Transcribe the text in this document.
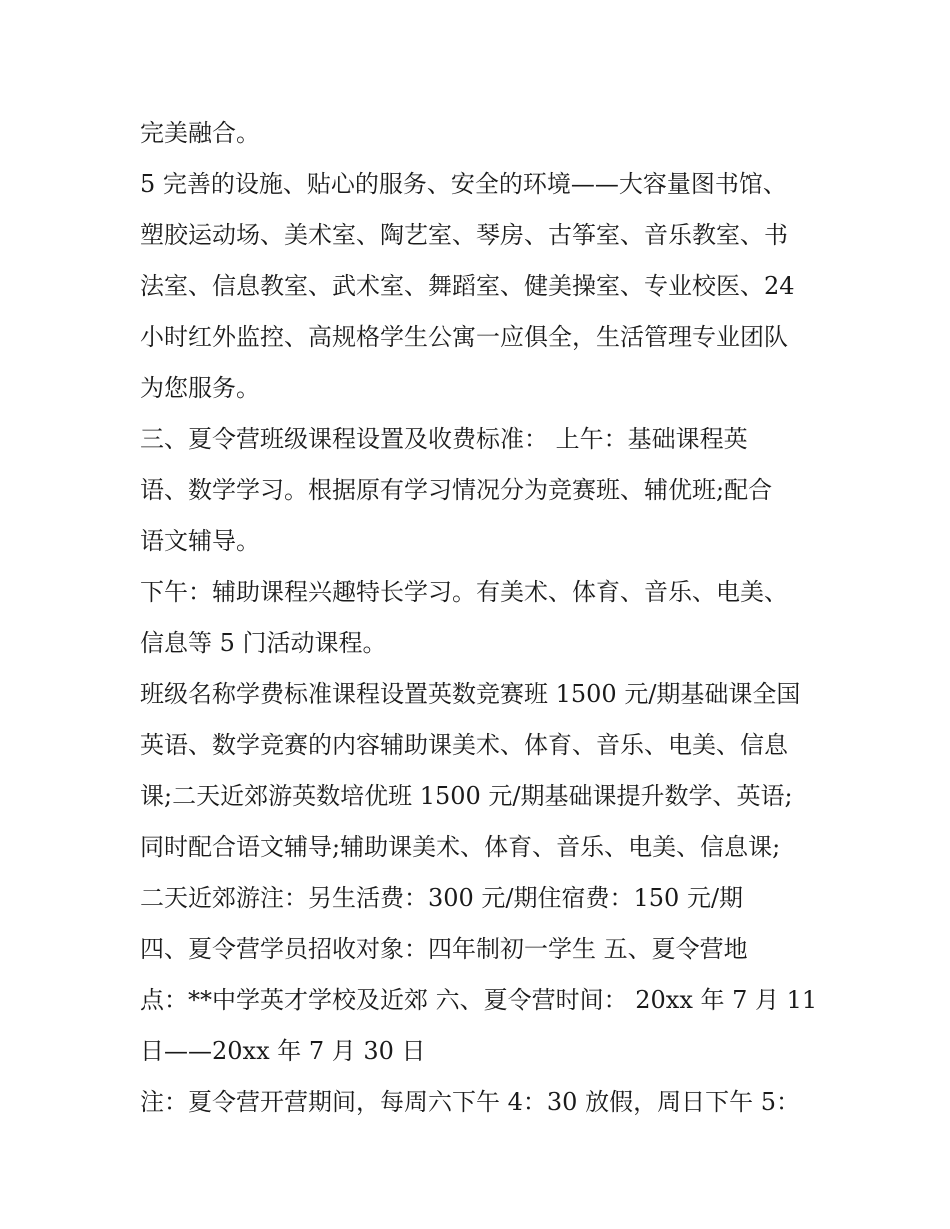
完美融合。
5 完善的设施、贴心的服务、安全的环境——大容量图书馆、
塑胶运动场、美术室、陶艺室、琴房、古筝室、音乐教室、书
法室、信息教室、武术室、舞蹈室、健美操室、专业校医、24
小时红外监控、高规格学生公寓一应俱全，生活管理专业团队
为您服务。
三、夏令营班级课程设置及收费标准： 上午：基础课程英
语、数学学习。根据原有学习情况分为竞赛班、辅优班;配合
语文辅导。
下午：辅助课程兴趣特长学习。有美术、体育、音乐、电美、
信息等 5 门活动课程。
班级名称学费标准课程设置英数竞赛班 1500 元/期基础课全国
英语、数学竞赛的内容辅助课美术、体育、音乐、电美、信息
课;二天近郊游英数培优班 1500 元/期基础课提升数学、英语;
同时配合语文辅导;辅助课美术、体育、音乐、电美、信息课;
二天近郊游注：另生活费：300 元/期住宿费：150 元/期
四、夏令营学员招收对象：四年制初一学生 五、夏令营地
点：**中学英才学校及近郊 六、夏令营时间： 20xx 年 7 月 11
日——20xx 年 7 月 30 日
注：夏令营开营期间，每周六下午 4：30 放假，周日下午 5：
